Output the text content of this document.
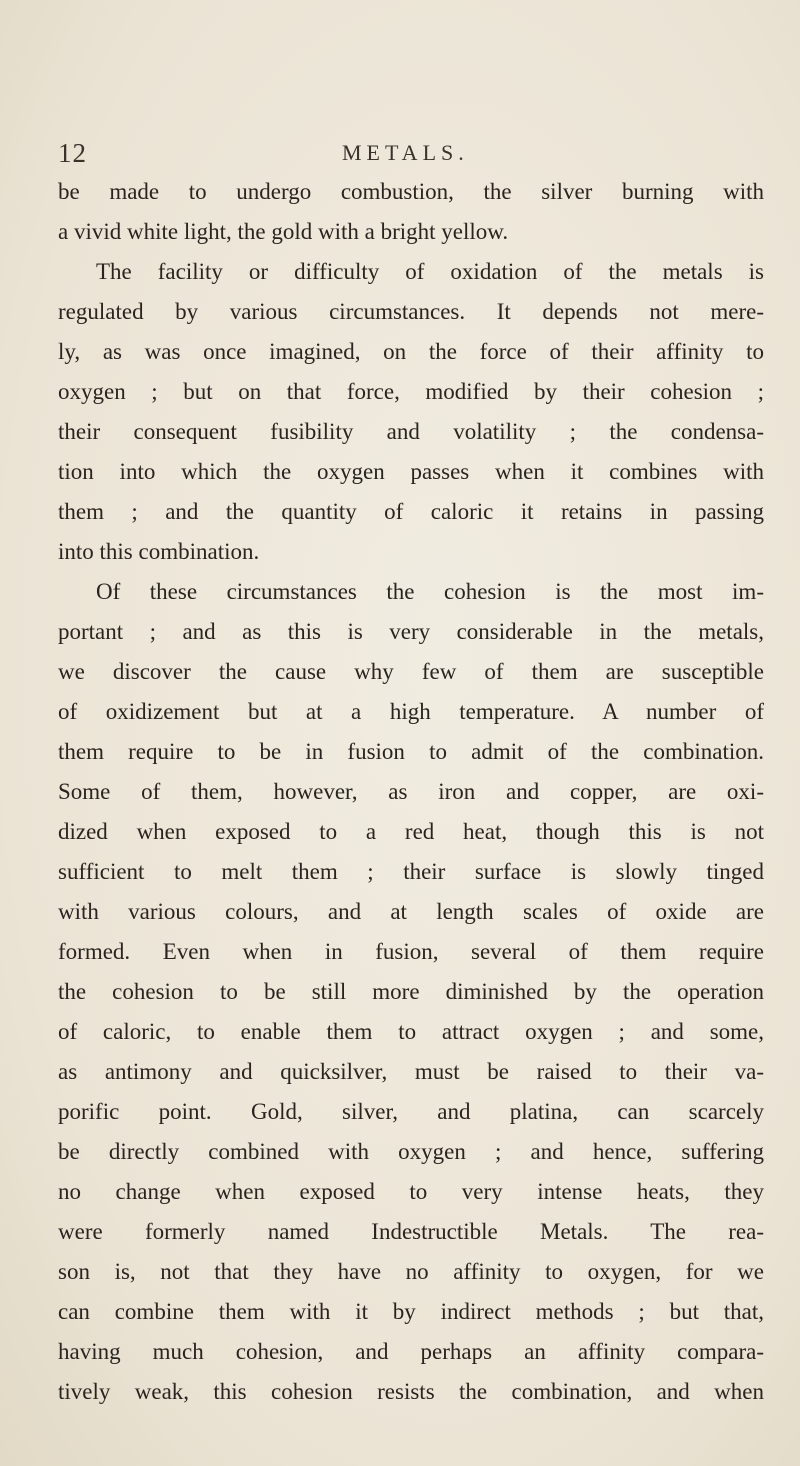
12	METALS.
be made to undergo combustion, the silver burning with
a vivid white light, the gold with a bright yellow.
The facility or difficulty of oxidation of the metals is
regulated by various circumstances. It depends not mere-
ly, as was once imagined, on the force of their affinity to
oxygen ; but on that force, modified by their cohesion ;
their consequent fusibility and volatility ; the condensa-
tion into which the oxygen passes when it combines with
them ; and the quantity of caloric it retains in passing
into this combination.
Of these circumstances the cohesion is the most im-
portant ; and as this is very considerable in the metals,
we discover the cause why few of them are susceptible
of oxidizement but at a high temperature. A number of
them require to be in fusion to admit of the combination.
Some of them, however, as iron and copper, are oxi-
dized when exposed to a red heat, though this is not
sufficient to melt them ; their surface is slowly tinged
with various colours, and at length scales of oxide are
formed. Even when in fusion, several of them require
the cohesion to be still more diminished by the operation
of caloric, to enable them to attract oxygen ; and some,
as antimony and quicksilver, must be raised to their va-
porific point. Gold, silver, and platina, can scarcely
be directly combined with oxygen ; and hence, suffering
no change when exposed to very intense heats, they
were formerly named Indestructible Metals. The rea-
son is, not that they have no affinity to oxygen, for we
can combine them with it by indirect methods ; but that,
having much cohesion, and perhaps an affinity compara-
tively weak, this cohesion resists the combination, and when
